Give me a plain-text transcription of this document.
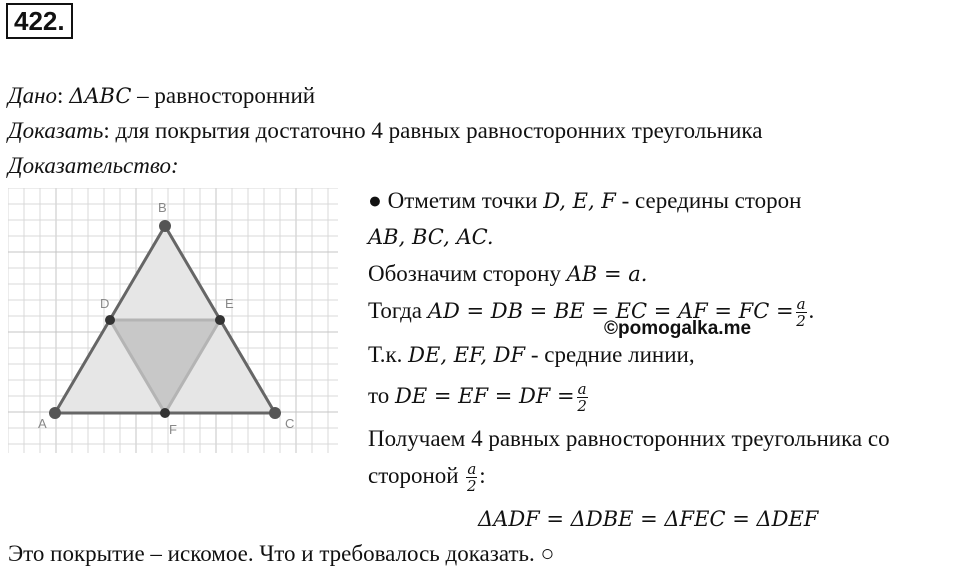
422.
Дано: ΔABC – равносторонний
Доказать: для покрытия достаточно 4 равных равносторонних треугольника
Доказательство:
A
B
C
D	E
F
● Отметим точки D, E, F - середины сторон
AB, BC, AC.
Обозначим сторону AB = a.
Тогда AD = DB = BE = EC = AF = FC = $\frac{a}{2}$ .
©pomogalka.me
Т.к. DE, EF, DF - средние линии,
то DE = EF = DF = $\frac{a}{2}$
Получаем 4 равных равносторонних треугольника со
стороной $\frac{a}{2}$ :
ΔADF = ΔDBE = ΔFEC = ΔDEF
Это покрытие – искомое. Что и требовалось доказать. ○
